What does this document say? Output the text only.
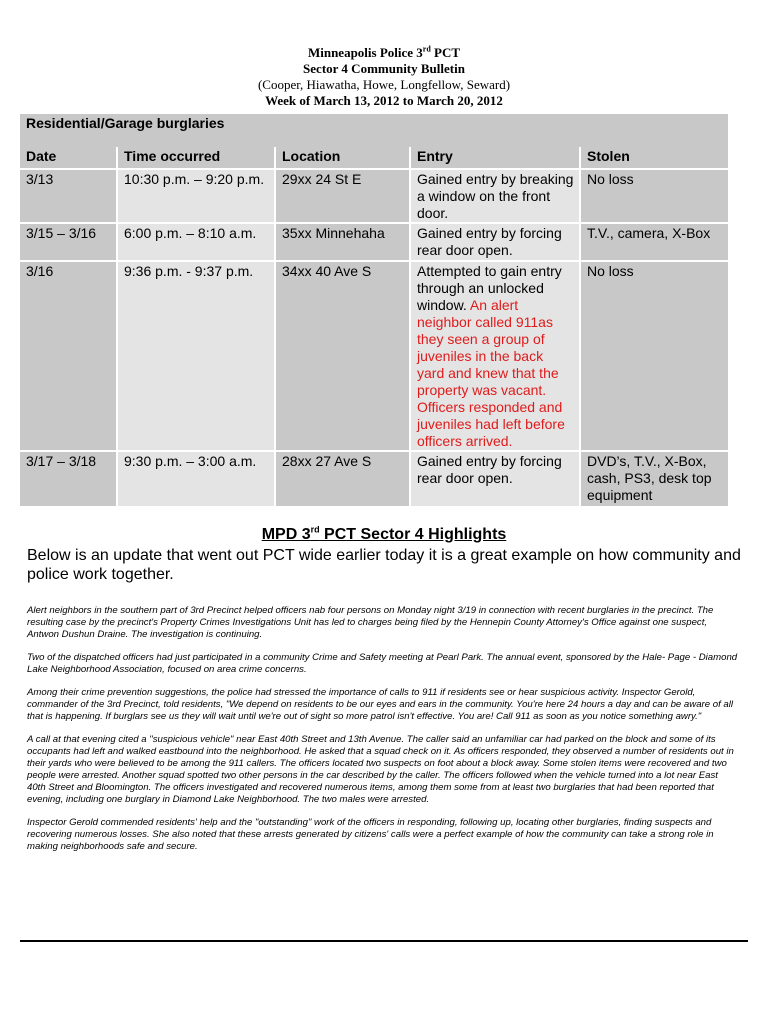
Minneapolis Police 3rd PCT
Sector 4 Community Bulletin
(Cooper, Hiawatha, Howe, Longfellow, Seward)
Week of March 13, 2012 to March 20, 2012
Residential/Garage burglaries				
Date	Time occurred	Location	Entry	Stolen
3/13	10:30 p.m. – 9:20 p.m.	29xx 24 St E	Gained entry by breaking a window on the front door.	No loss
3/15 – 3/16	6:00 p.m. – 8:10 a.m.	35xx Minnehaha	Gained entry by forcing rear door open.	T.V., camera, X-Box
3/16	9:36 p.m. - 9:37 p.m.	34xx 40 Ave S	Attempted to gain entry through an unlocked window. An alert neighbor called 911as they seen a group of juveniles in the back yard and knew that the property was vacant. Officers responded and juveniles had left before officers arrived.	No loss
3/17 – 3/18	9:30 p.m. – 3:00 a.m.	28xx 27 Ave S	Gained entry by forcing rear door open.	DVD’s, T.V., X-Box, cash, PS3, desk top equipment
MPD 3rd PCT Sector 4 Highlights
Below is an update that went out PCT wide earlier today it is a great example on how community and police work together.

Alert neighbors in the southern part of 3rd Precinct helped officers nab four persons on Monday night 3/19 in connection with recent burglaries in the precinct. The resulting case by the precinct's Property Crimes Investigations Unit has led to charges being filed by the Hennepin County Attorney's Office against one suspect, Antwon Dushun Draine. The investigation is continuing.

Two of the dispatched officers had just participated in a community Crime and Safety meeting at Pearl Park. The annual event, sponsored by the Hale- Page - Diamond Lake Neighborhood Association, focused on area crime concerns.

Among their crime prevention suggestions, the police had stressed the importance of calls to 911 if residents see or hear suspicious activity. Inspector Gerold, commander of the 3rd Precinct, told residents, "We depend on residents to be our eyes and ears in the community. You're here 24 hours a day and can be aware of all that is happening. If burglars see us they will wait until we're out of sight so more patrol isn't effective. You are! Call 911 as soon as you notice something awry."

A call at that evening cited a "suspicious vehicle" near East 40th Street and 13th Avenue. The caller said an unfamiliar car had parked on the block and some of its occupants had left and walked eastbound into the neighborhood. He asked that a squad check on it. As officers responded, they observed a number of residents out in their yards who were believed to be among the 911 callers. The officers located two suspects on foot about a block away. Some stolen items were recovered and two people were arrested. Another squad spotted two other persons in the car described by the caller. The officers followed when the vehicle turned into a lot near East 40th Street and Bloomington. The officers investigated and recovered numerous items, among them some from at least two burglaries that had been reported that evening, including one burglary in Diamond Lake Neighborhood. The two males were arrested.

Inspector Gerold commended residents' help and the "outstanding" work of the officers in responding, following up, locating other burglaries, finding suspects and recovering numerous losses. She also noted that these arrests generated by citizens' calls were a perfect example of how the community can take a strong role in making neighborhoods safe and secure.
